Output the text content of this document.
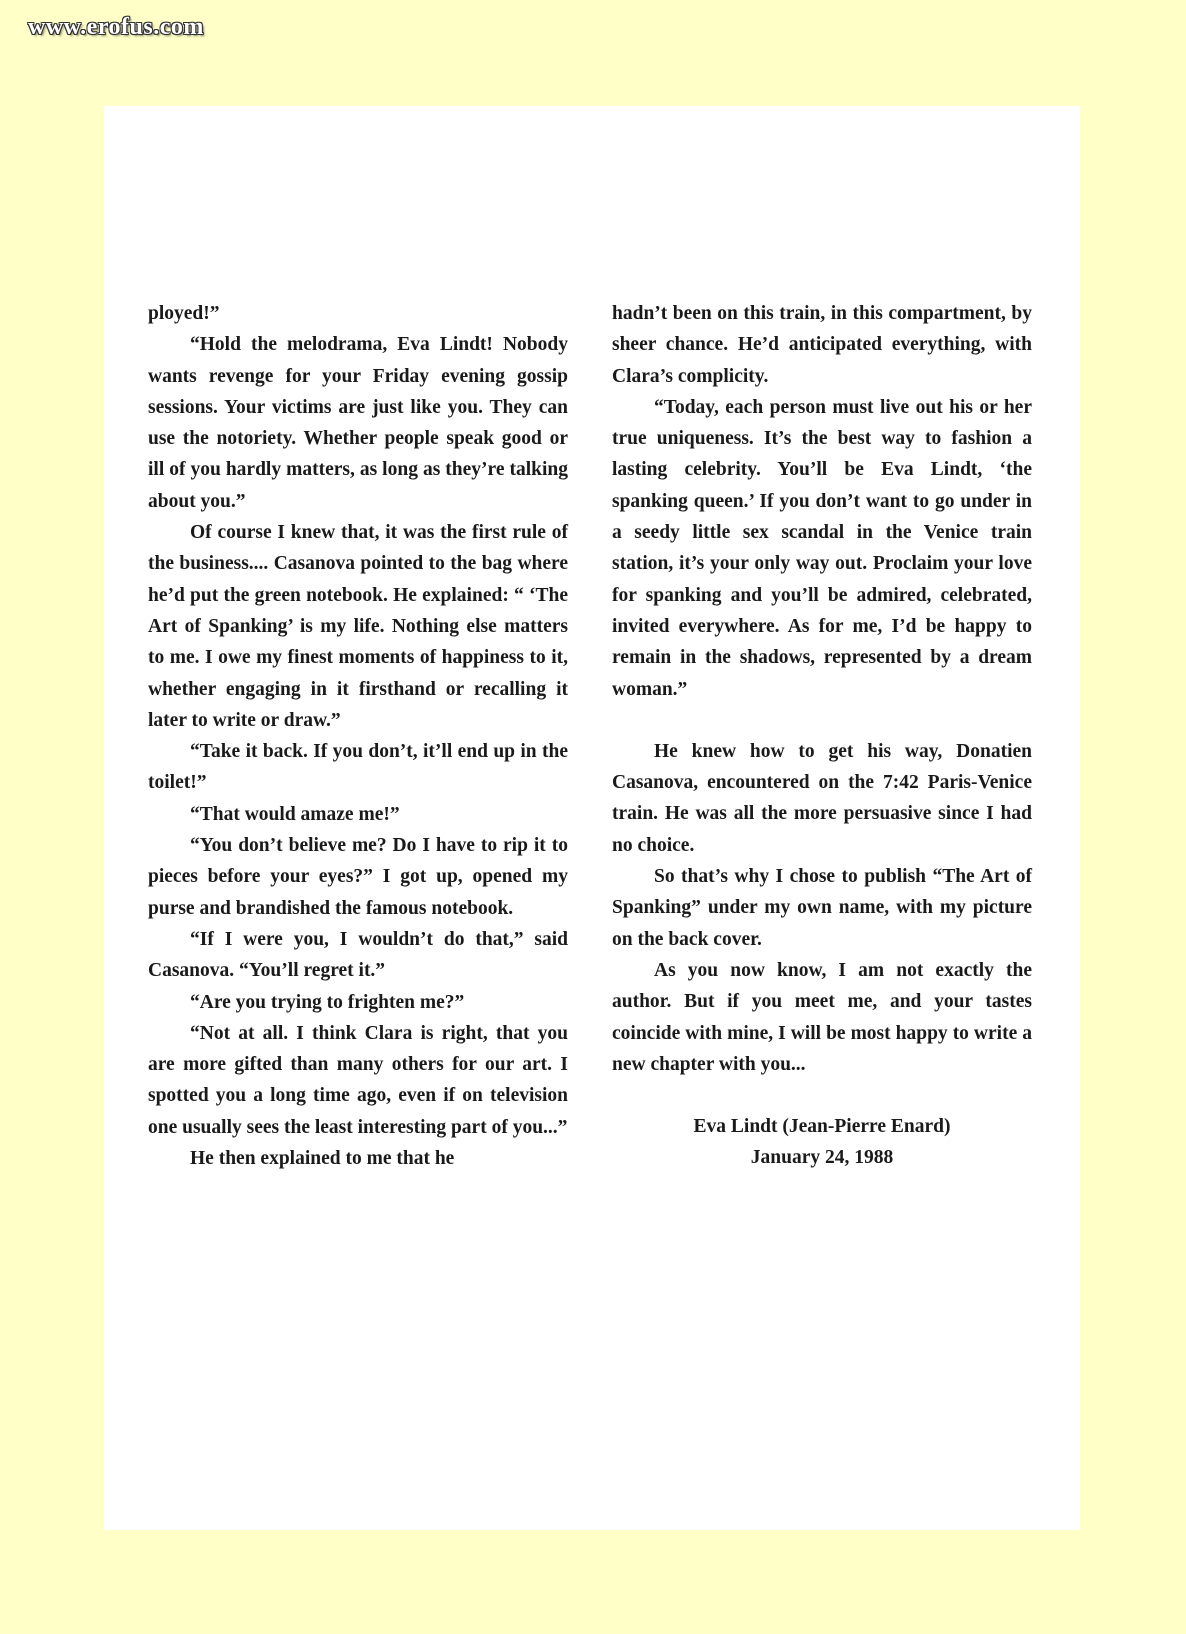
www.erofus.com

ployed!”

“Hold the melodrama, Eva Lindt! Nobody wants revenge for your Friday evening gossip sessions. Your victims are just like you. They can use the notoriety. Whether people speak good or ill of you hardly matters, as long as they’re talking about you.”

Of course I knew that, it was the first rule of the business.... Casanova pointed to the bag where he’d put the green notebook. He explained: “ ‘The Art of Spanking’ is my life. Nothing else matters to me. I owe my finest moments of happiness to it, whether engaging in it firsthand or recalling it later to write or draw.”

“Take it back. If you don’t, it’ll end up in the toilet!”

“That would amaze me!”

“You don’t believe me? Do I have to rip it to pieces before your eyes?” I got up, opened my purse and brandished the famous notebook.

“If I were you, I wouldn’t do that,” said Casanova. “You’ll regret it.”

“Are you trying to frighten me?”

“Not at all. I think Clara is right, that you are more gifted than many others for our art. I spotted you a long time ago, even if on television one usually sees the least interesting part of you...”

He then explained to me that he

hadn’t been on this train, in this compartment, by sheer chance. He’d anticipated everything, with Clara’s complicity.

“Today, each person must live out his or her true uniqueness. It’s the best way to fashion a lasting celebrity. You’ll be Eva Lindt, ‘the spanking queen.’ If you don’t want to go under in a seedy little sex scandal in the Venice train station, it’s your only way out. Proclaim your love for spanking and you’ll be admired, celebrated, invited everywhere. As for me, I’d be happy to remain in the shadows, represented by a dream woman.”

He knew how to get his way, Donatien Casanova, encountered on the 7:42 Paris-Venice train. He was all the more persuasive since I had no choice.

So that’s why I chose to publish “The Art of Spanking” under my own name, with my picture on the back cover.

As you now know, I am not exactly the author. But if you meet me, and your tastes coincide with mine, I will be most happy to write a new chapter with you...

Eva Lindt (Jean-Pierre Enard)
January 24, 1988
